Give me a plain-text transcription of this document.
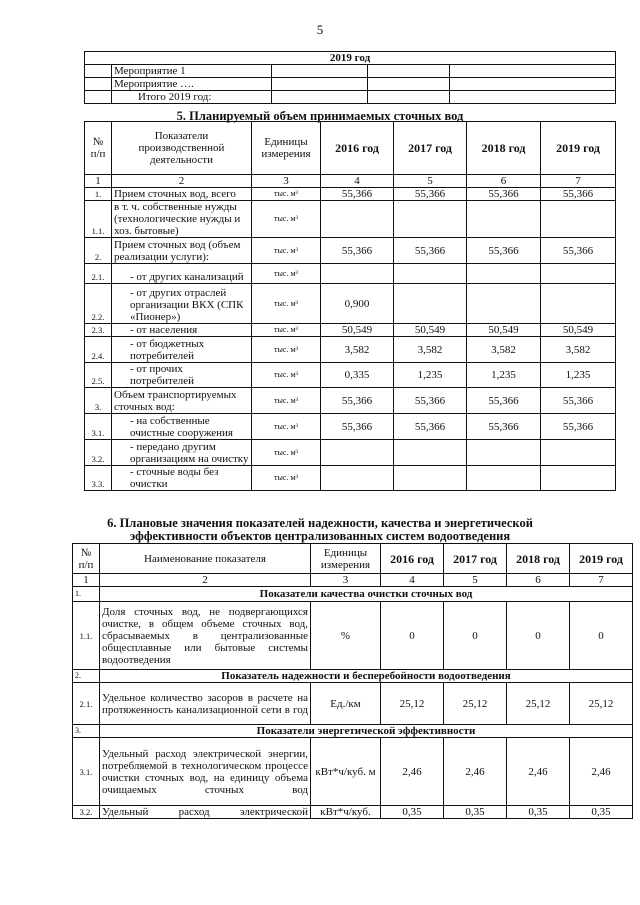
5
2019 год				
	Мероприятие 1			
	Мероприятие ….			
	Итого 2019 год:			
5. Планируемый объем принимаемых сточных вод
№ п/п	Показатели производственной деятельности	Единицы измерения	2016 год	2017 год	2018 год	2019 год
1	2	3	4	5	6	7
1.	Прием сточных вод, всего	тыс. м³	55,366	55,366	55,366	55,366
1.1.	в т. ч. собственные нужды (технологические нужды и хоз. бытовые)	тыс. м³				
2.	Прием сточных вод (объем реализации услуги):	тыс. м³	55,366	55,366	55,366	55,366
2.1.	- от других канализаций	тыс. м³				
2.2.	- от других отраслей организации ВКХ (СПК «Пионер»)	тыс. м³	0,900			
2.3.	- от населения	тыс. м³	50,549	50,549	50,549	50,549
2.4.	- от бюджетных потребителей	тыс. м³	3,582	3,582	3,582	3,582
2.5.	- от прочих потребителей	тыс. м³	0,335	1,235	1,235	1,235
3.	Объем транспортируемых сточных вод:	тыс. м³	55,366	55,366	55,366	55,366
3.1.	- на собственные очистные сооружения	тыс. м³	55,366	55,366	55,366	55,366
3.2.	- передано другим организациям на очистку	тыс. м³				
3.3.	- сточные воды без очистки	тыс. м³				
6. Плановые значения показателей надежности, качества и энергетической
эффективности объектов централизованных систем водоотведения
№ п/п	Наименование показателя	Единицы измерения	2016 год	2017 год	2018 год	2019 год
1	2	3	4	5	6	7
1.	Показатели качества очистки сточных вод					
1.1.	Доля сточных вод, не подвергающихся очистке, в общем объеме сточных вод, сбрасываемых в централизованные общесплавные или бытовые системы водоотведения	%	0	0	0	0
2.	Показатель надежности и бесперебойности водоотведения					
2.1.	Удельное количество засоров в расчете на протяженность канализационной сети в год	Ед./км	25,12	25,12	25,12	25,12
3.	Показатели энергетической эффективности					
3.1.	Удельный расход электрической энергии, потребляемой в технологическом процессе очистки сточных вод, на единицу объема очищаемых сточных вод	кВт*ч/куб. м	2,46	2,46	2,46	2,46
3.2.	Удельный расход электрической	кВт*ч/куб.	0,35	0,35	0,35	0,35
